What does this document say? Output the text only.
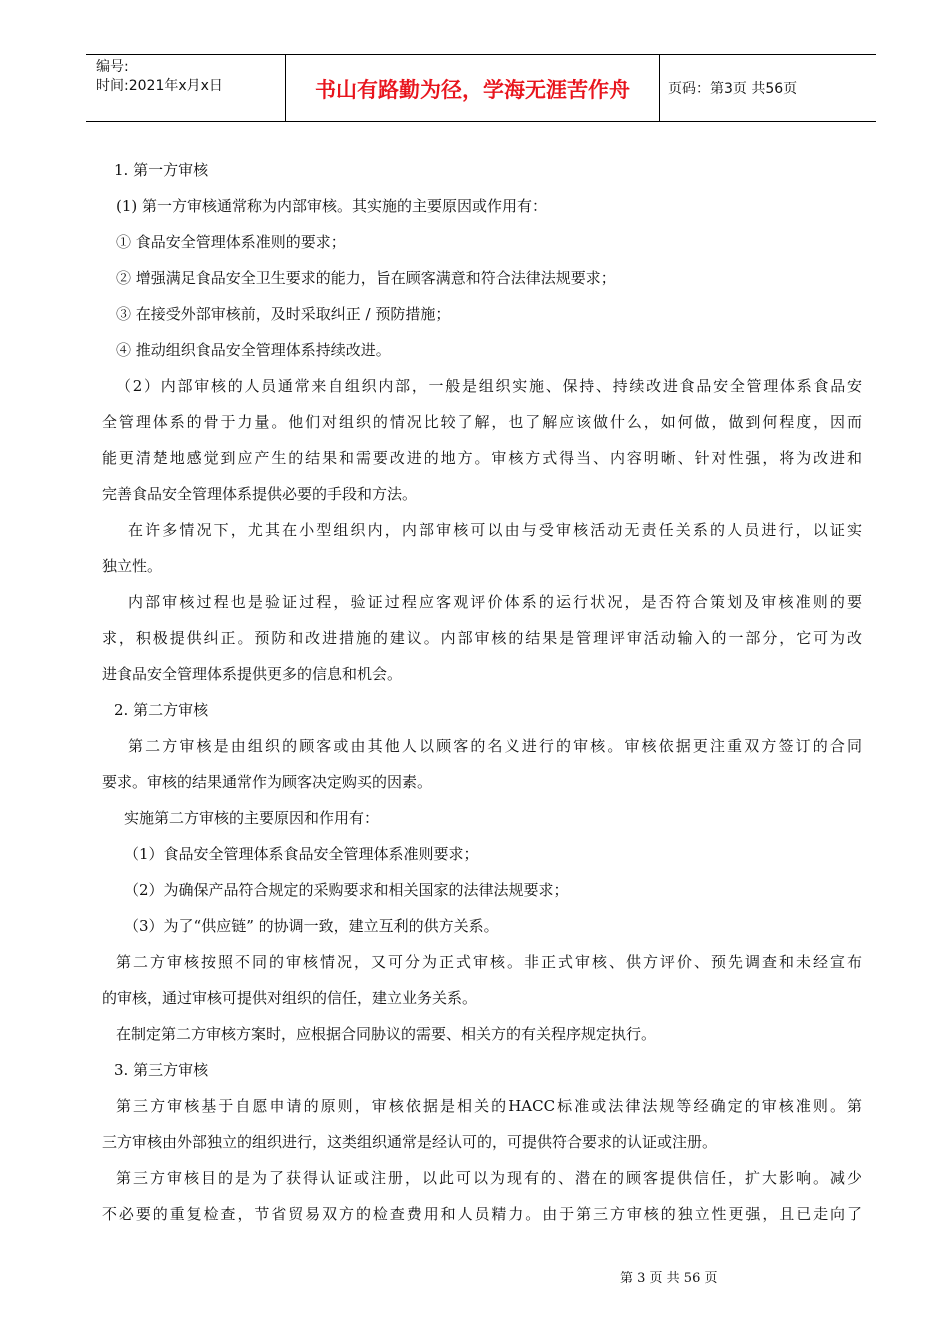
编号:
时间:2021年x月x日	书山有路勤为径，学海无涯苦作舟	页码：第3页 共56页
1. 第一方审核
(1) 第一方审核通常称为内部审核。其实施的主要原因或作用有：
① 食品安全管理体系准则的要求；
② 增强满足食品安全卫生要求的能力，旨在顾客满意和符合法律法规要求；
③ 在接受外部审核前，及时采取纠正 / 预防措施；
④ 推动组织食品安全管理体系持续改进。
（2）内部审核的人员通常来自组织内部，一般是组织实施、保持、持续改进食品安全管理体系食品安
全管理体系的骨于力量。他们对组织的情况比较了解，也了解应该做什么，如何做，做到何程度，因而
能更清楚地感觉到应产生的结果和需要改进的地方。审核方式得当、内容明晰、针对性强，将为改进和
完善食品安全管理体系提供必要的手段和方法。
在许多情况下，尤其在小型组织内，内部审核可以由与受审核活动无责任关系的人员进行，以证实
独立性。
内部审核过程也是验证过程，验证过程应客观评价体系的运行状况，是否符合策划及审核准则的要
求，积极提供纠正。预防和改进措施的建议。内部审核的结果是管理评审活动输入的一部分，它可为改
进食品安全管理体系提供更多的信息和机会。
2. 第二方审核
第二方审核是由组织的顾客或由其他人以顾客的名义进行的审核。审核依据更注重双方签订的合同
要求。审核的结果通常作为顾客决定购买的因素。
实施第二方审核的主要原因和作用有：
（1）食品安全管理体系食品安全管理体系准则要求；
（2）为确保产品符合规定的采购要求和相关国家的法律法规要求；
（3）为了“供应链” 的协调一致，建立互利的供方关系。
第二方审核按照不同的审核情况，又可分为正式审核。非正式审核、供方评价、预先调查和未经宣布
的审核，通过审核可提供对组织的信任，建立业务关系。
在制定第二方审核方案时，应根据合同胁议的需要、相关方的有关程序规定执行。
3. 第三方审核
第三方审核基于自愿申请的原则，审核依据是相关的HACC标准或法律法规等经确定的审核准则。第
三方审核由外部独立的组织进行，这类组织通常是经认可的，可提供符合要求的认证或注册。
第三方审核目的是为了获得认证或注册，以此可以为现有的、潜在的顾客提供信任，扩大影响。减少
不必要的重复检查，节省贸易双方的检查费用和人员精力。由于第三方审核的独立性更强，且已走向了
第 3 页 共 56 页
